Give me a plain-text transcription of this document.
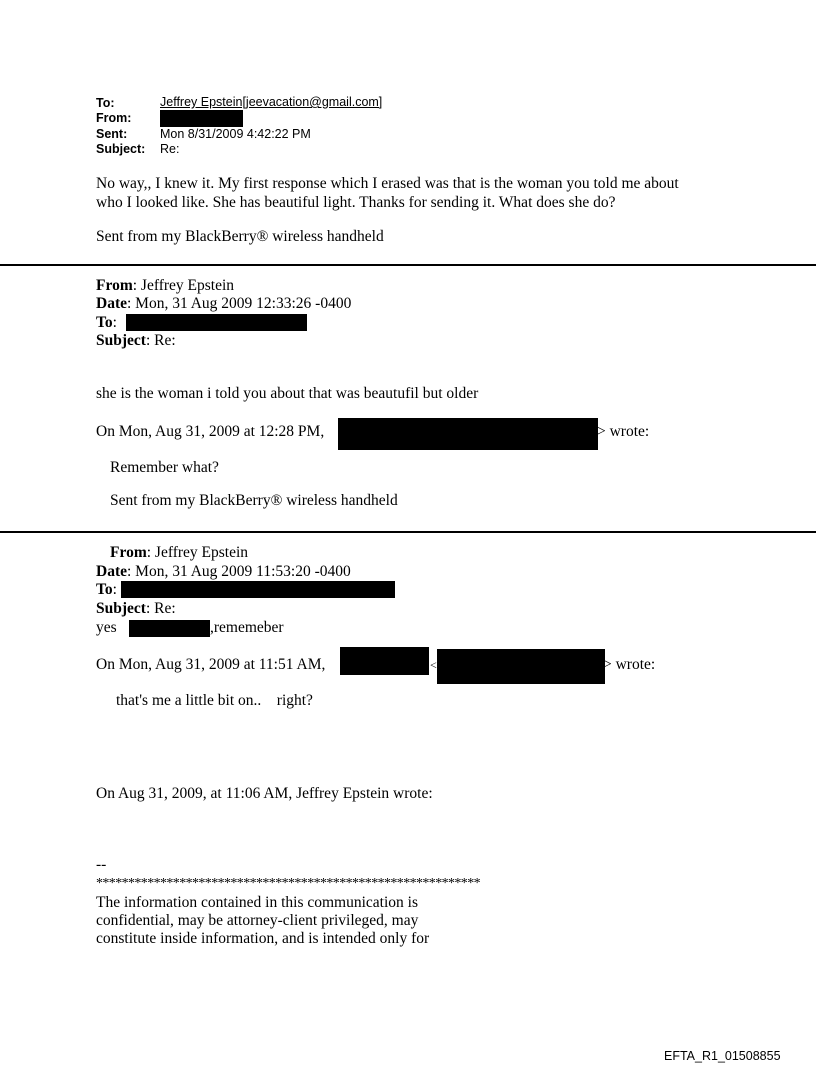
To:	Jeffrey Epstein[jeevacation@gmail.com]
From:
Sent:	Mon 8/31/2009 4:42:22 PM
Subject: Re:
No way,, I knew it. My first response which I erased was that is the woman you told me about
who I looked like. She has beautiful light. Thanks for sending it. What does she do?
Sent from my BlackBerry® wireless handheld
From: Jeffrey Epstein
Date: Mon, 31 Aug 2009 12:33:26 -0400
To:
Subject: Re:
she is the woman i told you about that was beautufil but older
On Mon, Aug 31, 2009 at 12:28 PM,	> wrote:
Remember what?
Sent from my BlackBerry® wireless handheld
From: Jeffrey Epstein
Date: Mon, 31 Aug 2009 11:53:20 -0400
To:
Subject: Re:
yes	,rememeber
On Mon, Aug 31, 2009 at 11:51 AM,	<	> wrote:
that's me a little bit on..    right?
On Aug 31, 2009, at 11:06 AM, Jeffrey Epstein wrote:
--
************************************************************
The information contained in this communication is
confidential, may be attorney-client privileged, may
constitute inside information, and is intended only for
EFTA_R1_01508855
